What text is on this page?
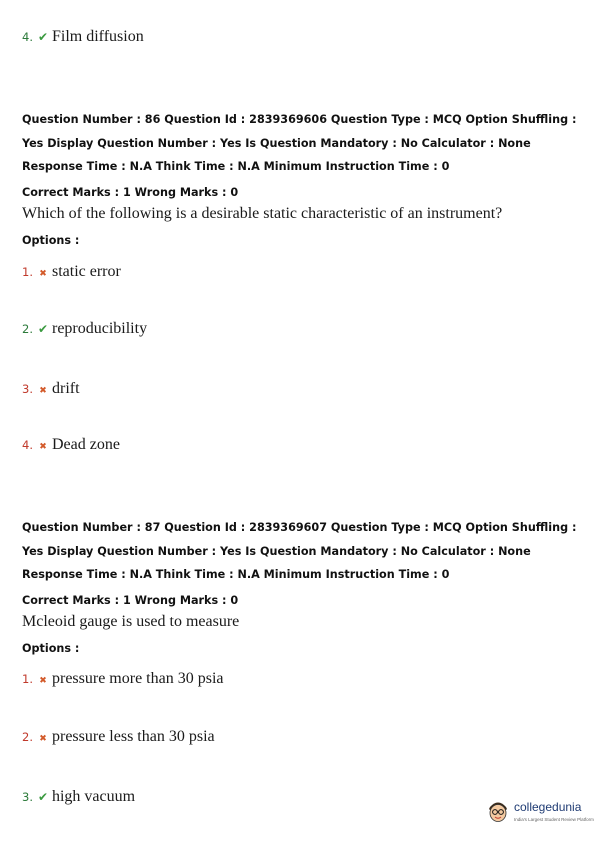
4. ✔ Film diffusion
Question Number : 86 Question Id : 2839369606 Question Type : MCQ Option Shuffling : Yes Display Question Number : Yes Is Question Mandatory : No Calculator : None Response Time : N.A Think Time : N.A Minimum Instruction Time : 0
Correct Marks : 1 Wrong Marks : 0
Which of the following is a desirable static characteristic of an instrument?
Options :
1. ✖ static error
2. ✔ reproducibility
3. ✖ drift
4. ✖ Dead zone
Question Number : 87 Question Id : 2839369607 Question Type : MCQ Option Shuffling : Yes Display Question Number : Yes Is Question Mandatory : No Calculator : None Response Time : N.A Think Time : N.A Minimum Instruction Time : 0
Correct Marks : 1 Wrong Marks : 0
Mcleoid gauge is used to measure
Options :
1. ✖ pressure more than 30 psia
2. ✖ pressure less than 30 psia
3. ✔ high vacuum
collegedunia
India's Largest Student Review Platform
